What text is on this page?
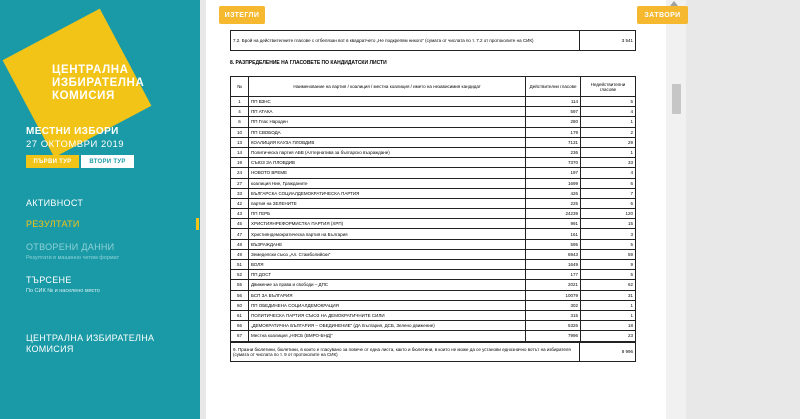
ЦЕНТРАЛНА
ИЗБИРАТЕЛНА
КОМИСИЯ
МЕСТНИ ИЗБОРИ
27 ОКТОМВРИ 2019
ПЪРВИ ТУР	ВТОРИ ТУР
АКТИВНОСТ
РЕЗУЛТАТИ
ОТВОРЕНИ ДАННИ
Резултати в машинно четим формат
ТЪРСЕНЕ
По СИК № и населено място
ЦЕНТРАЛНА ИЗБИРАТЕЛНА
КОМИСИЯ
7.2. Брой на действителните гласове с отбелязан вот в квадратчето „Не подкрепям никого“ (сумата от числата по т. 7.2 от протоколите на СИК)	3 541
8. РАЗПРЕДЕЛЕНИЕ НА ГЛАСОВЕТЕ ПО КАНДИДАТСКИ ЛИСТИ
№	Наименование на партия / коалиция / местна коалиция / името на независимия кандидат	Действителни гласове	Недействителни гласове
1	ПП ВЗНС	114	5
4	ПП АТАКА	597	4
6	ПП Глас Народен	280	1
10	ПП СВОБОДА	179	2
13	КОАЛИЦИЯ КАУЗА ПЛОВДИВ	7131	29
14	Политическа партия АБВ (Алтернатива за българско възраждане)	236	1
19	СЪЮЗ ЗА ПЛОВДИВ	7370	33
24	НОВОТО ВРЕМЕ	197	4
27	коалиция Ние, Гражданите	1699	6
33	БЪЛГАРСКА СОЦИАЛДЕМОКРАТИЧЕСКА ПАРТИЯ	426	7
42	партия на ЗЕЛЕНИТЕ	225	6
43	ПП ГЕРБ	24239	120
45	ХРИСТИЯНРЕФОРМИСТКА ПАРТИЯ (ХРП)	991	15
47	Християндемократическа партия на България	161	3
48	ВЪЗРАЖДАНЕ	595	5
49	Земеделски съюз „Ал. Стамболийски“	6943	59
51	ВОЛЯ	1649	9
52	ПП ДОСТ	177	5
55	Движение за права и свободи – ДПС	2021	62
56	БСП ЗА БЪЛГАРИЯ	10079	31
60	ПП ОБЕДИНЕНА СОЦИАЛДЕМОКРАЦИЯ	302	1
61	ПОЛИТИЧЕСКА ПАРТИЯ СЪЮЗ НА ДЕМОКРАТИЧНИТЕ СИЛИ	315	1
66	„ДЕМОКРАТИЧНА БЪЛГАРИЯ – ОБЕДИНЕНИЕ“ (ДА България, ДСБ, Зелено движение)	5326	18
67	Местна коалиция „НФСБ (ВМРО-БНД)“	7996	23
9. Празни бюлетини, бюлетини, в които е гласувано за повече от една листа, както и бюлетини, в които не може да се установи еднозначно вотът на избирателя (сумата от числата по т. 9 от протоколите на СИК)	8 996
ИЗТЕГЛИ	ЗАТВОРИ
